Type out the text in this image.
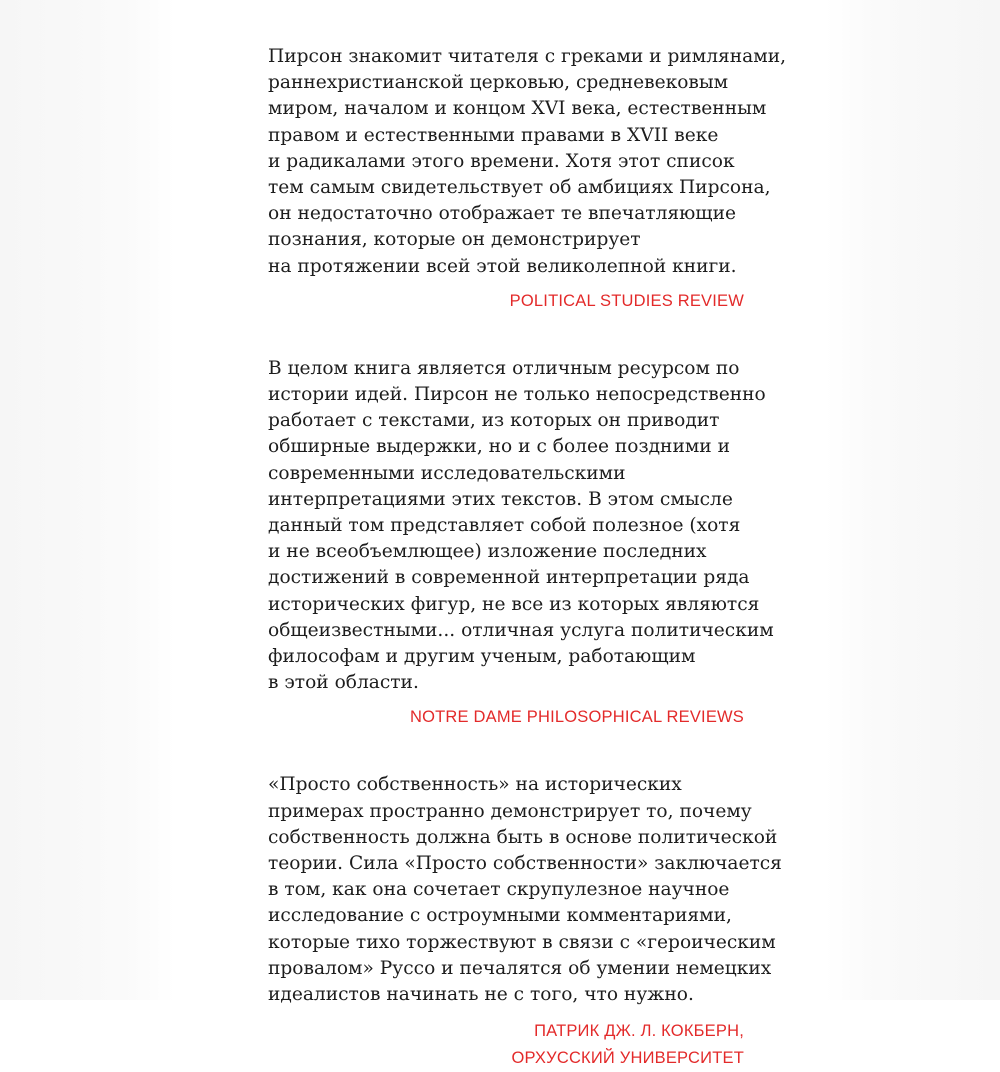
Пирсон знакомит читателя с греками и римлянами,
раннехристианской церковью, средневековым
миром, началом и концом XVI века, естественным
правом и естественными правами в XVII веке
и радикалами этого времени. Хотя этот список
тем самым свидетельствует об амбициях Пирсона,
он недостаточно отображает те впечатляющие
познания, которые он демонстрирует
на протяжении всей этой великолепной книги.

POLITICAL STUDIES REVIEW

В целом книга является отличным ресурсом по
истории идей. Пирсон не только непосредственно
работает с текстами, из которых он приводит
обширные выдержки, но и с более поздними и
современными исследовательскими
интерпретациями этих текстов. В этом смысле
данный том представляет собой полезное (хотя
и не всеобъемлющее) изложение последних
достижений в современной интерпретации ряда
исторических фигур, не все из которых являются
общеизвестными... отличная услуга политическим
философам и другим ученым, работающим
в этой области.

NOTRE DAME PHILOSOPHICAL REVIEWS

«Просто собственность» на исторических
примерах пространно демонстрирует то, почему
собственность должна быть в основе политической
теории. Сила «Просто собственности» заключается
в том, как она сочетает скрупулезное научное
исследование с остроумными комментариями,
которые тихо торжествуют в связи с «героическим
провалом» Руссо и печалятся об умении немецких
идеалистов начинать не с того, что нужно.

ПАТРИК ДЖ. Л. КОКБЕРН,
ОРХУССКИЙ УНИВЕРСИТЕТ
